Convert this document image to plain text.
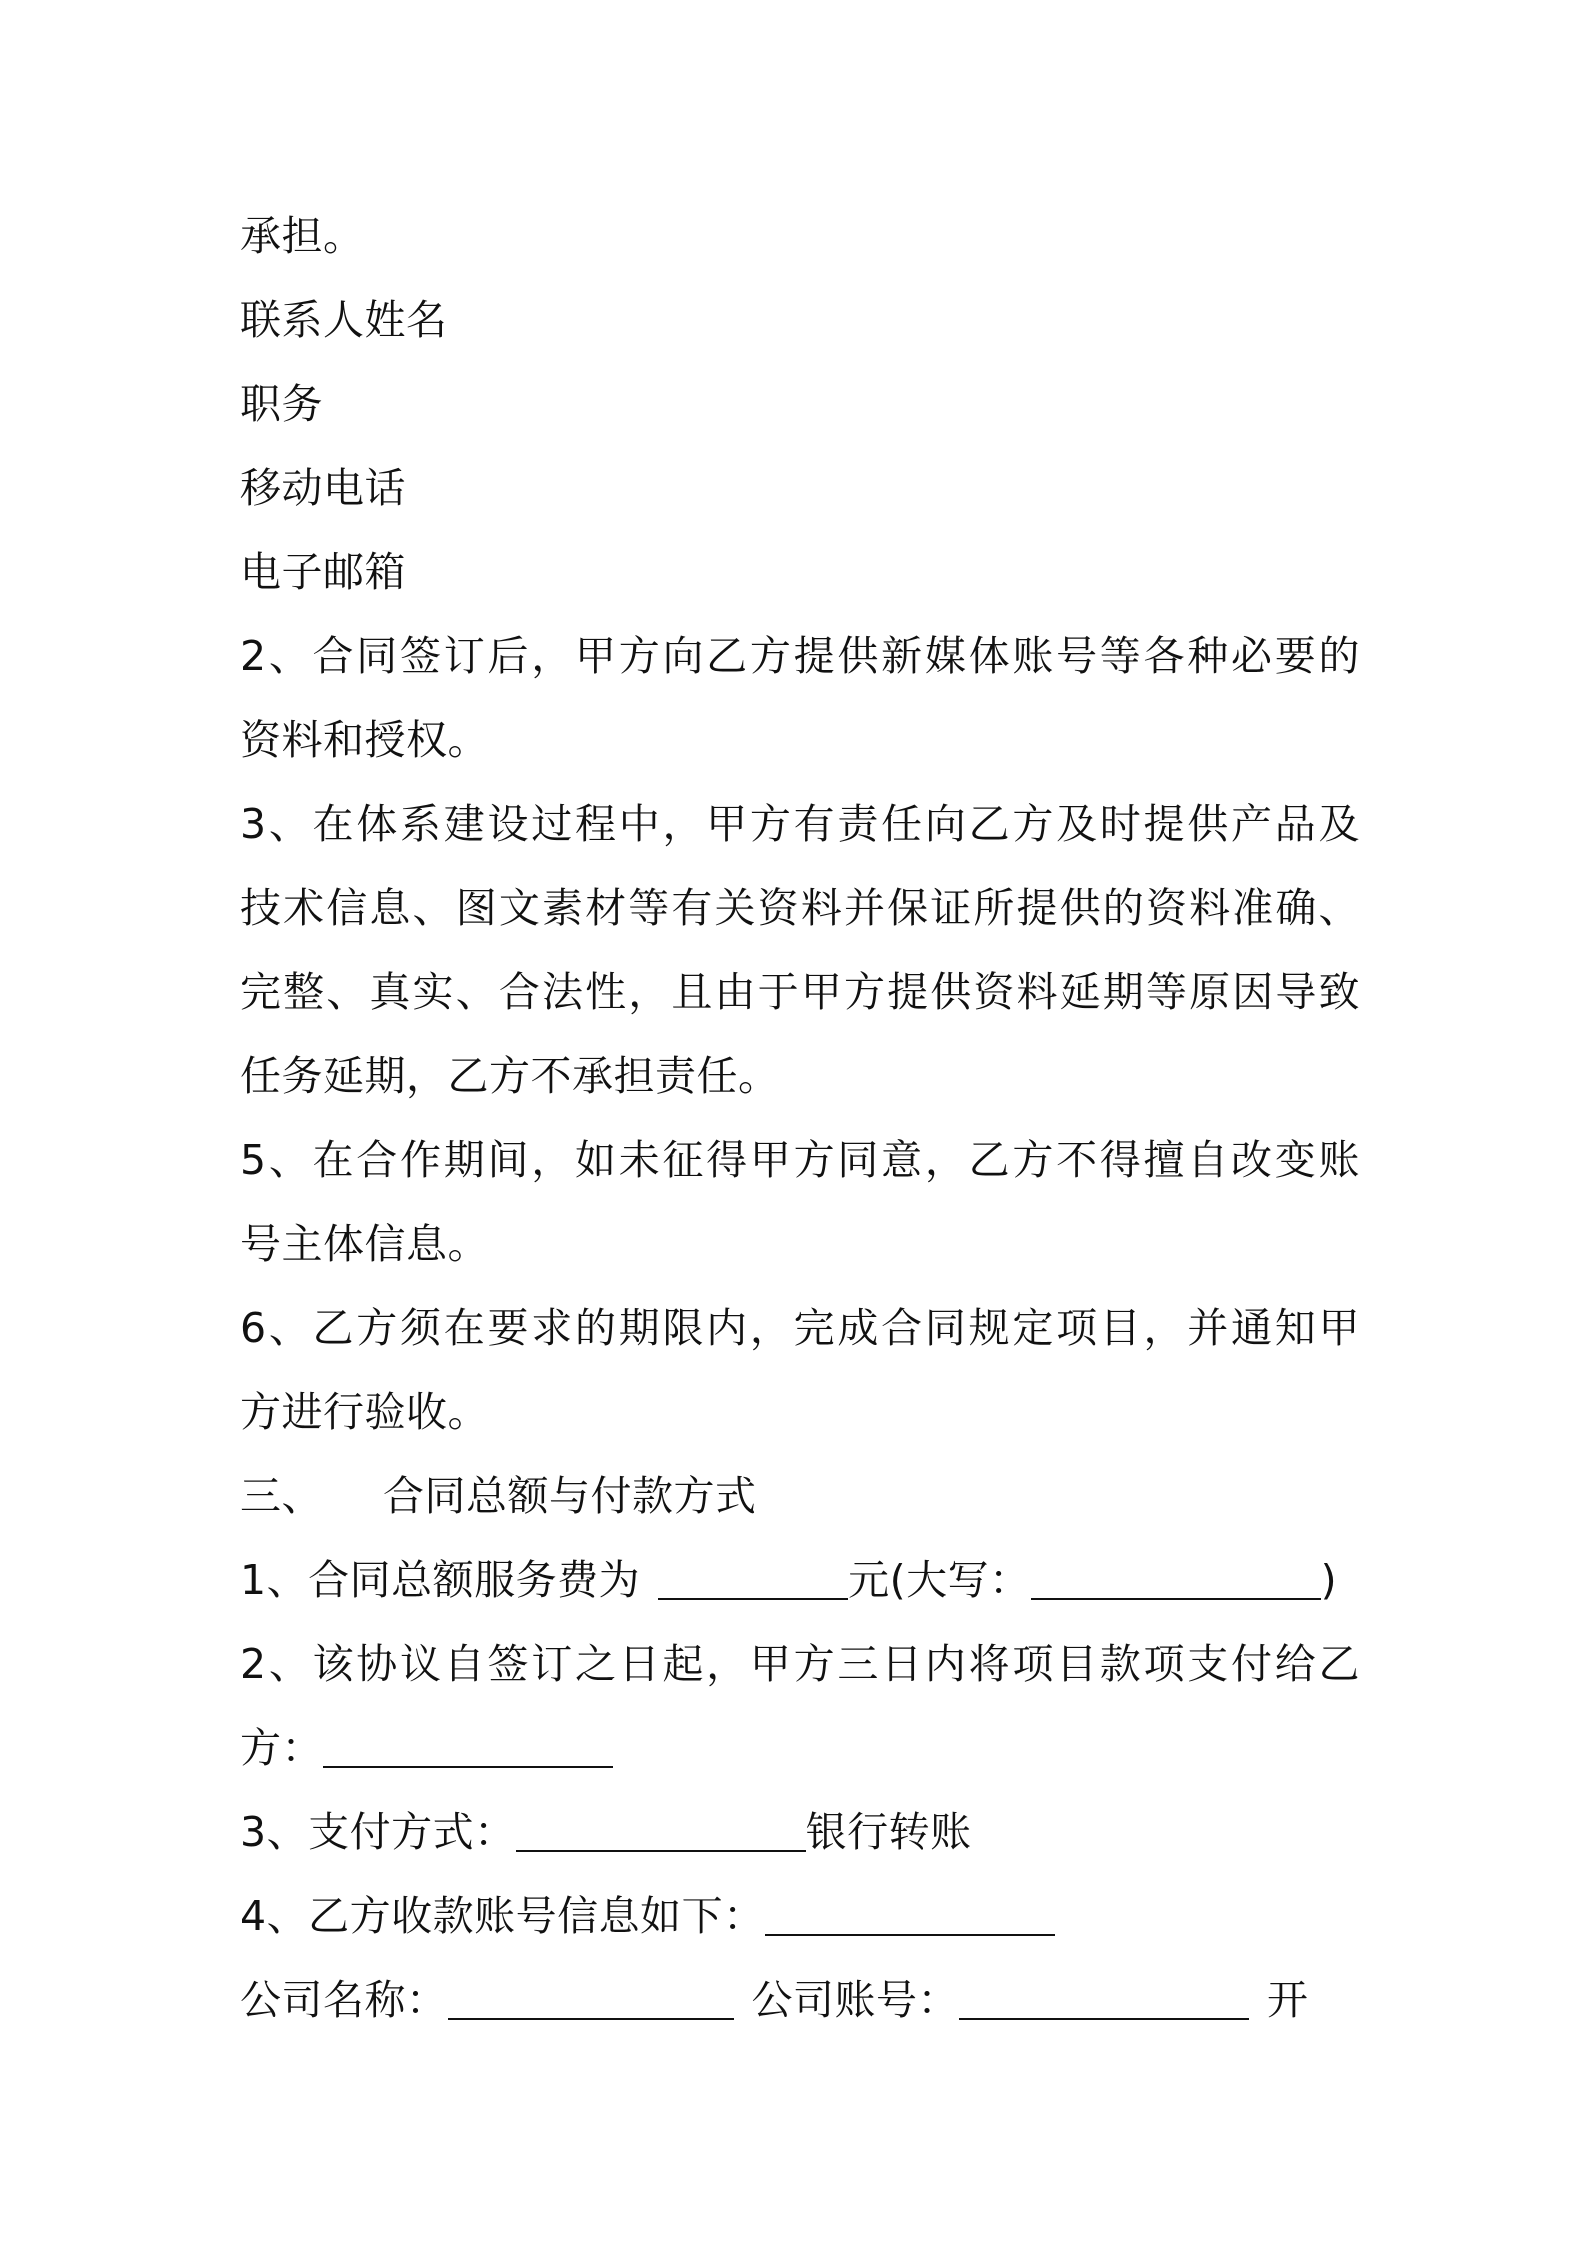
承担。
联系人姓名
职务
移动电话
电子邮箱
2、合同签订后，甲方向乙方提供新媒体账号等各种必要的
资料和授权。
3、在体系建设过程中，甲方有责任向乙方及时提供产品及
技术信息、图文素材等有关资料并保证所提供的资料准确、
完整、真实、合法性，且由于甲方提供资料延期等原因导致
任务延期，乙方不承担责任。
5、在合作期间，如未征得甲方同意，乙方不得擅自改变账
号主体信息。
6、乙方须在要求的期限内，完成合同规定项目，并通知甲
方进行验收。
三、 合同总额与付款方式
1、合同总额服务费为	元(大写：	)
2、该协议自签订之日起，甲方三日内将项目款项支付给乙
方：
3、支付方式：	银行转账
4、乙方收款账号信息如下：
公司名称：	公司账号：	开
